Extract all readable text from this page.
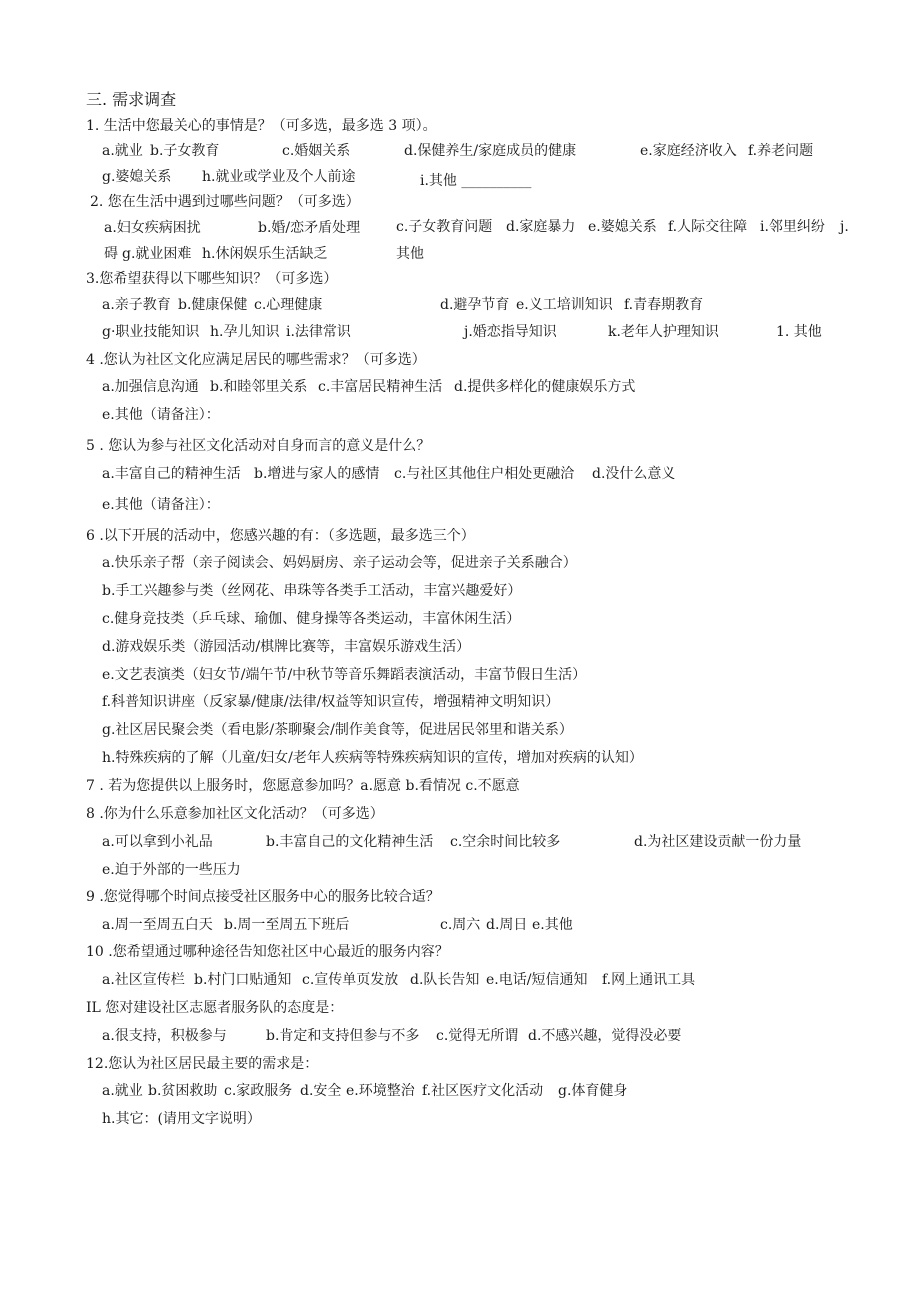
三. 需求调查
1. 生活中您最关心的事情是？（可多选，最多选 3 项）。
a.就业 b.子女教育	c.婚姻关系	d.保健养生/家庭成员的健康	e.家庭经济收入 f.养老问题
g.婆媳关系 h.就业或学业及个人前途	i.其他 __________
2. 您在生活中遇到过哪些问题？（可多选）
a.妇女疾病困扰	b.婚/恋矛盾处理	c.子女教育问题 d.家庭暴力 e.婆媳关系 f.人际交往障 i.邻里纠纷 j.
碍 g.就业困难 h.休闲娱乐生活缺乏	其他
3.您希望获得以下哪些知识？（可多选）
a.亲子教育 b.健康保健 c.心理健康	d.避孕节育 e.义工培训知识 f.青春期教育
g·职业技能知识 h.孕儿知识 i.法律常识	j.婚恋指导知识	k.老年人护理知识	1. 其他
4 .您认为社区文化应满足居民的哪些需求？（可多选）
a.加强信息沟通 b.和睦邻里关系 c.丰富居民精神生活 d.提供多样化的健康娱乐方式
e.其他（请备注）：
5 . 您认为参与社区文化活动对自身而言的意义是什么？
a.丰富自己的精神生活 b.增进与家人的感情 c.与社区其他住户相处更融洽 d.没什么意义
e.其他（请备注）：
6 .以下开展的活动中，您感兴趣的有：（多选题，最多选三个）
a.快乐亲子帮（亲子阅读会、妈妈厨房、亲子运动会等，促进亲子关系融合）
b.手工兴趣参与类（丝网花、串珠等各类手工活动，丰富兴趣爱好）
c.健身竞技类（乒乓球、瑜伽、健身操等各类运动，丰富休闲生活）
d.游戏娱乐类（游园活动/棋牌比赛等，丰富娱乐游戏生活）
e.文艺表演类（妇女节/端午节/中秋节等音乐舞蹈表演活动，丰富节假日生活）
f.科普知识讲座（反家暴/健康/法律/权益等知识宣传，增强精神文明知识）
g.社区居民聚会类（看电影/茶聊聚会/制作美食等，促进居民邻里和谐关系）
h.特殊疾病的了解（儿童/妇女/老年人疾病等特殊疾病知识的宣传，增加对疾病的认知）
7 . 若为您提供以上服务时，您愿意参加吗？a.愿意 b.看情况 c.不愿意
8 .你为什么乐意参加社区文化活动？（可多选）
a.可以拿到小礼品	b.丰富自己的文化精神生活 c.空余时间比较多	d.为社区建设贡献一份力量
e.迫于外部的一些压力
9 .您觉得哪个时间点接受社区服务中心的服务比较合适？
a.周一至周五白天 b.周一至周五下班后	c.周六 d.周日 e.其他
10 .您希望通过哪种途径告知您社区中心最近的服务内容？
a.社区宣传栏 b.村门口贴通知 c.宣传单页发放 d.队长告知 e.电话/短信通知 f.网上通讯工具
IL 您对建设社区志愿者服务队的态度是：
a.很支持，积极参与	b.肯定和支持但参与不多 c.觉得无所谓 d.不感兴趣，觉得没必要
12.您认为社区居民最主要的需求是：
a.就业 b.贫困救助 c.家政服务 d.安全 e.环境整治 f.社区医疗文化活动 g.体育健身
h.其它：(请用文字说明）
